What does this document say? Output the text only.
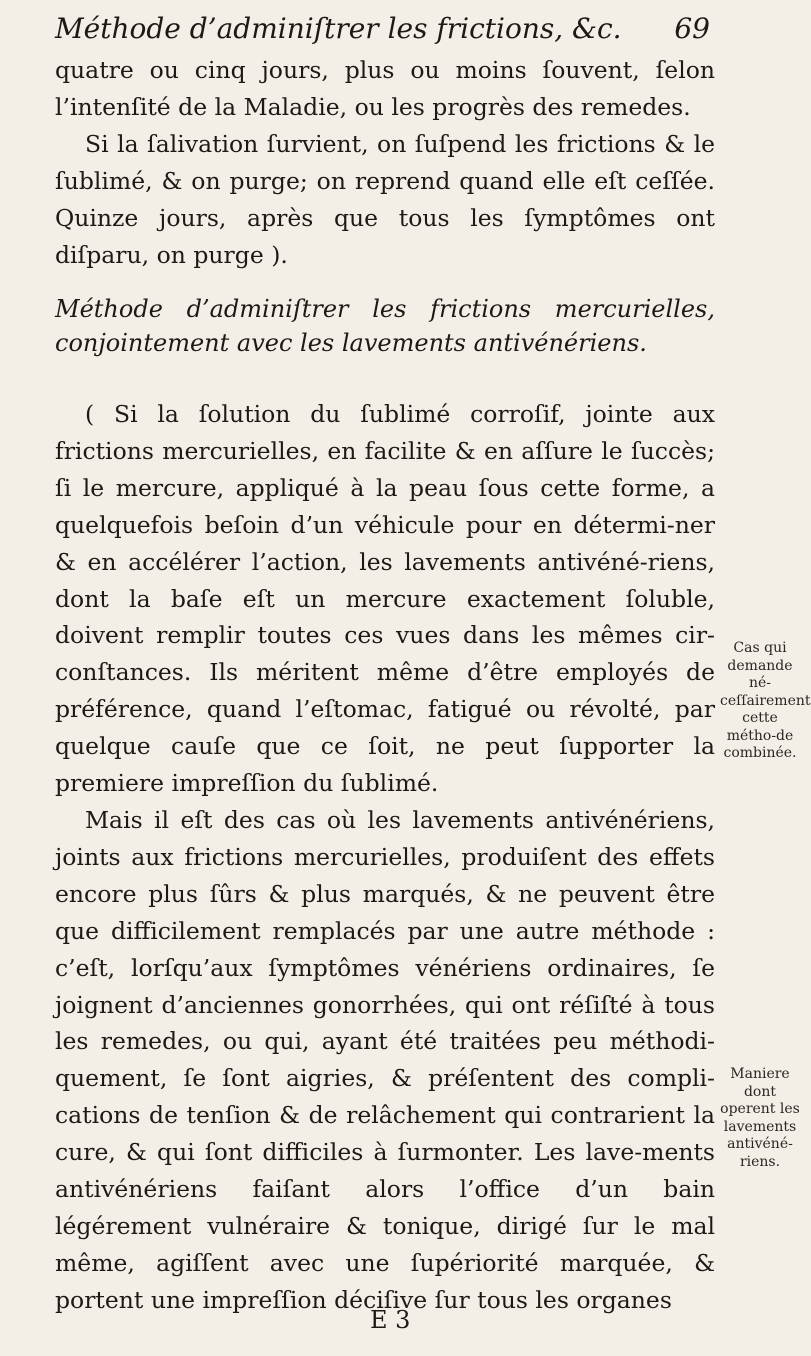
Méthode d’adminiſtrer les frictions, &c. 69

quatre ou cinq jours, plus ou moins ſouvent, ſelon l’intenſité de la Maladie, ou les progrès des remedes.

Si la ſalivation ſurvient, on ſuſpend les frictions & le ſublimé, & on purge; on reprend quand elle eſt ceſſée. Quinze jours, après que tous les ſymptômes ont diſparu, on purge ).

Méthode d’adminiſtrer les frictions mercurielles, conjointement avec les lavements antivénériens.

( Si la ſolution du ſublimé corroſif, jointe aux frictions mercurielles, en facilite & en aſſure le ſuccès; ſi le mercure, appliqué à la peau ſous cette forme, a quelquefois beſoin d’un véhicule pour en détermi-ner & en accélérer l’action, les lavements antivéné-riens, dont la baſe eſt un mercure exactement ſoluble, doivent remplir toutes ces vues dans les mêmes cir-conſtances. Ils méritent même d’être employés de préférence, quand l’eſtomac, fatigué ou révolté, par quelque cauſe que ce ſoit, ne peut ſupporter la premiere impreſſion du ſublimé.

Mais il eſt des cas où les lavements antivénériens, joints aux frictions mercurielles, produiſent des effets encore plus ſûrs & plus marqués, & ne peuvent être que difficilement remplacés par une autre méthode : c’eſt, lorſqu’aux ſymptômes vénériens ordinaires, ſe joignent d’anciennes gonorrhées, qui ont réſiſté à tous les remedes, ou qui, ayant été traitées peu méthodi-quement, ſe ſont aigries, & préſentent des compli-cations de tenſion & de relâchement qui contrarient la cure, & qui ſont difficiles à ſurmonter. Les lave-ments antivénériens faiſant alors l’office d’un bain légérement vulnéraire & tonique, dirigé ſur le mal même, agiſſent avec une ſupériorité marquée, & portent une impreſſion déciſive ſur tous les organes

Cas qui demande né-ceſſairement cette métho-de combinée.
Maniere dont operent les lavements antivéné-riens.
E 3
